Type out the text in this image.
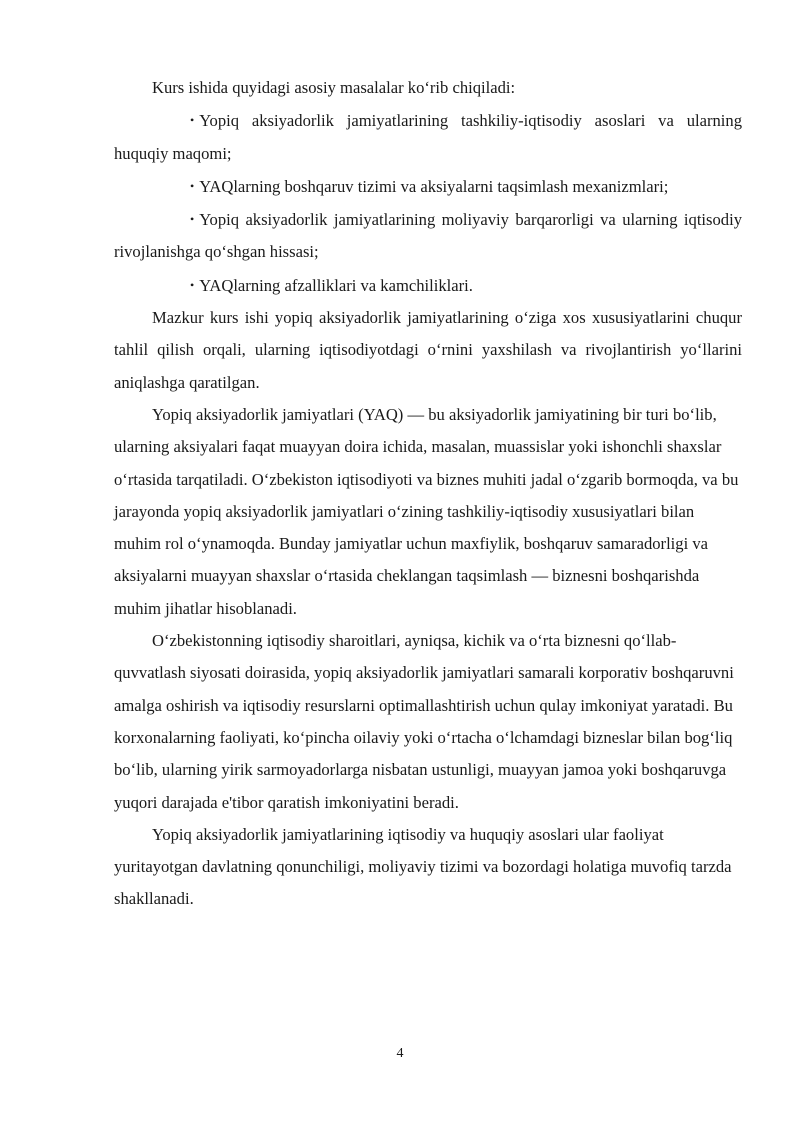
Kurs ishida quyidagi asosiy masalalar ko‘rib chiqiladi:

• Yopiq aksiyadorlik jamiyatlarining tashkiliy-iqtisodiy asoslari va ularning huquqiy maqomi;

• YAQlarning boshqaruv tizimi va aksiyalarni taqsimlash mexanizmlari;

• Yopiq aksiyadorlik jamiyatlarining moliyaviy barqarorligi va ularning iqtisodiy rivojlanishga qo‘shgan hissasi;

• YAQlarning afzalliklari va kamchiliklari.

Mazkur kurs ishi yopiq aksiyadorlik jamiyatlarining o‘ziga xos xususiyatlarini chuqur tahlil qilish orqali, ularning iqtisodiyotdagi o‘rnini yaxshilash va rivojlantirish yo‘llarini aniqlashga qaratilgan.

Yopiq aksiyadorlik jamiyatlari (YAQ) — bu aksiyadorlik jamiyatining bir turi bo‘lib, ularning aksiyalari faqat muayyan doira ichida, masalan, muassislar yoki ishonchli shaxslar o‘rtasida tarqatiladi. O‘zbekiston iqtisodiyoti va biznes muhiti jadal o‘zgarib bormoqda, va bu jarayonda yopiq aksiyadorlik jamiyatlari o‘zining tashkiliy-iqtisodiy xususiyatlari bilan muhim rol o‘ynamoqda. Bunday jamiyatlar uchun maxfiylik, boshqaruv samaradorligi va aksiyalarni muayyan shaxslar o‘rtasida cheklangan taqsimlash — biznesni boshqarishda muhim jihatlar hisoblanadi.

O‘zbekistonning iqtisodiy sharoitlari, ayniqsa, kichik va o‘rta biznesni qo‘llab-quvvatlash siyosati doirasida, yopiq aksiyadorlik jamiyatlari samarali korporativ boshqaruvni amalga oshirish va iqtisodiy resurslarni optimallashtirish uchun qulay imkoniyat yaratadi. Bu korxonalarning faoliyati, ko‘pincha oilaviy yoki o‘rtacha o‘lchamdagi bizneslar bilan bog‘liq bo‘lib, ularning yirik sarmoyadorlarga nisbatan ustunligi, muayyan jamoa yoki boshqaruvga yuqori darajada e'tibor qaratish imkoniyatini beradi.

Yopiq aksiyadorlik jamiyatlarining iqtisodiy va huquqiy asoslari ular faoliyat yuritayotgan davlatning qonunchiligi, moliyaviy tizimi va bozordagi holatiga muvofiq tarzda shakllanadi.

4
